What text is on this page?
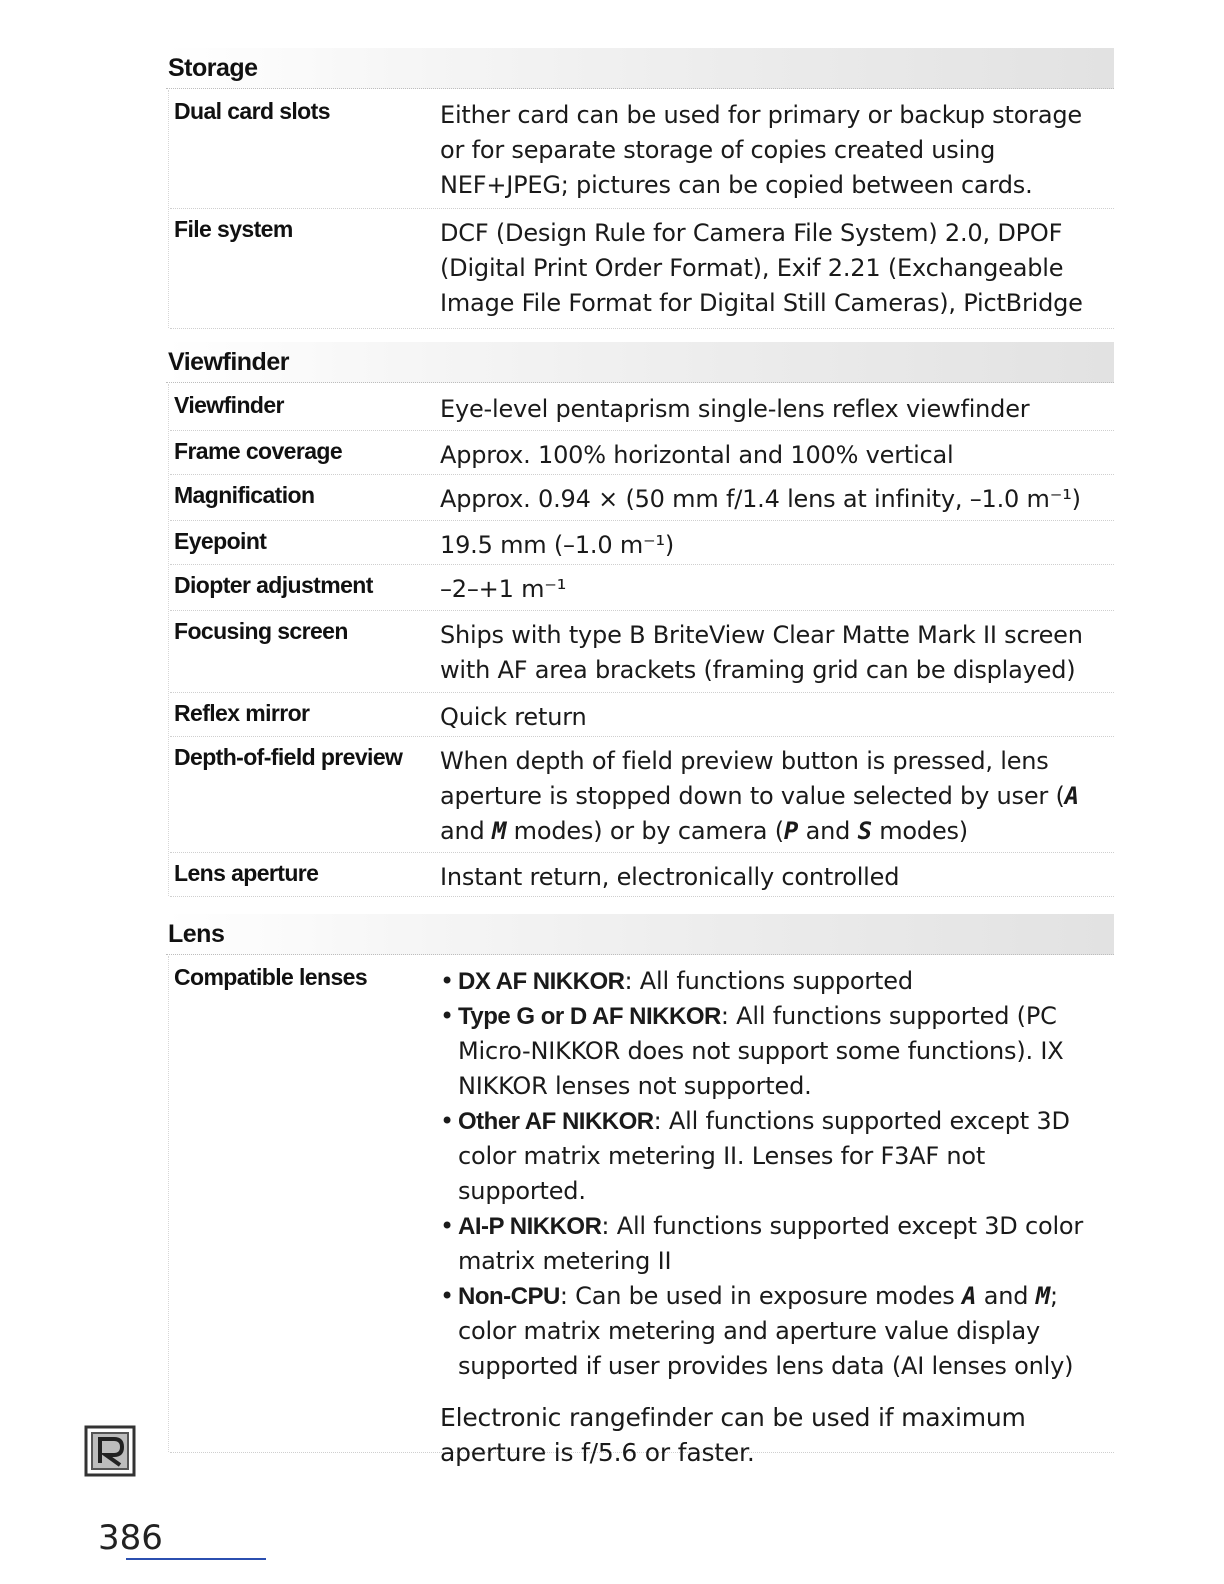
Storage
Dual card slots	Either card can be used for primary or backup storage or for separate storage of copies created using NEF+JPEG; pictures can be copied between cards.
File system	DCF (Design Rule for Camera File System) 2.0, DPOF (Digital Print Order Format), Exif 2.21 (Exchangeable Image File Format for Digital Still Cameras), PictBridge
Viewfinder
Viewfinder	Eye-level pentaprism single-lens reflex viewfinder
Frame coverage	Approx. 100% horizontal and 100% vertical
Magnification	Approx. 0.94 × (50 mm f/1.4 lens at infinity, –1.0 m⁻¹)
Eyepoint	19.5 mm (–1.0 m⁻¹)
Diopter adjustment	–2–+1 m⁻¹
Focusing screen	Ships with type B BriteView Clear Matte Mark II screen with AF area brackets (framing grid can be displayed)
Reflex mirror	Quick return
Depth-of-field preview	When depth of field preview button is pressed, lens aperture is stopped down to value selected by user (A and M modes) or by camera (P and S modes)
Lens aperture	Instant return, electronically controlled
Lens
Compatible lenses
•	DX AF NIKKOR: All functions supported
• Type G or D AF NIKKOR: All functions supported (PC Micro-NIKKOR does not support some functions). IX NIKKOR lenses not supported.
• Other AF NIKKOR: All functions supported except 3D color matrix metering II. Lenses for F3AF not supported.
• AI-P NIKKOR: All functions supported except 3D color matrix metering II
• Non-CPU: Can be used in exposure modes A and M; color matrix metering and aperture value display supported if user provides lens data (AI lenses only)

Electronic rangefinder can be used if maximum aperture is f/5.6 or faster.

386
